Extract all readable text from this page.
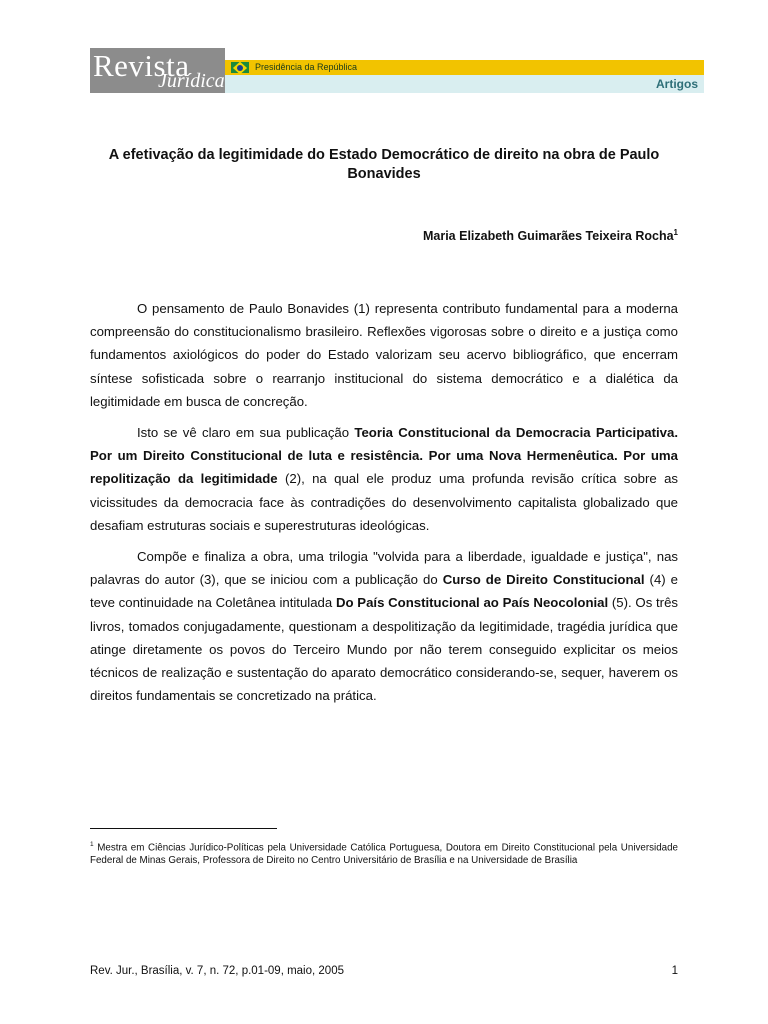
Revista
Jurídica
Presidência da República
Artigos
A efetivação da legitimidade do Estado Democrático de direito na obra de Paulo Bonavides
Maria Elizabeth Guimarães Teixeira Rocha$^1$

O pensamento de Paulo Bonavides (1) representa contributo fundamental para a moderna compreensão do constitucionalismo brasileiro. Reflexões vigorosas sobre o direito e a justiça como fundamentos axiológicos do poder do Estado valorizam seu acervo bibliográfico, que encerram síntese sofisticada sobre o rearranjo institucional do sistema democrático e a dialética da legitimidade em busca de concreção.

Isto se vê claro em sua publicação Teoria Constitucional da Democracia Participativa. Por um Direito Constitucional de luta e resistência. Por uma Nova Hermenêutica. Por uma repolitização da legitimidade (2), na qual ele produz uma profunda revisão crítica sobre as vicissitudes da democracia face às contradições do desenvolvimento capitalista globalizado que desafiam estruturas sociais e superestruturas ideológicas.

Compõe e finaliza a obra, uma trilogia "volvida para a liberdade, igualdade e justiça", nas palavras do autor (3), que se iniciou com a publicação do Curso de Direito Constitucional (4) e teve continuidade na Coletânea intitulada Do País Constitucional ao País Neocolonial (5). Os três livros, tomados conjugadamente, questionam a despolitização da legitimidade, tragédia jurídica que atinge diretamente os povos do Terceiro Mundo por não terem conseguido explicitar os meios técnicos de realização e sustentação do aparato democrático considerando-se, sequer, haverem os direitos fundamentais se concretizado na prática.

$^1$ Mestra em Ciências Jurídico-Políticas pela Universidade Católica Portuguesa, Doutora em Direito Constitucional pela Universidade Federal de Minas Gerais, Professora de Direito no Centro Universitário de Brasília e na Universidade de Brasília
Rev. Jur., Brasília, v. 7, n. 72, p.01-09, maio, 2005	1
